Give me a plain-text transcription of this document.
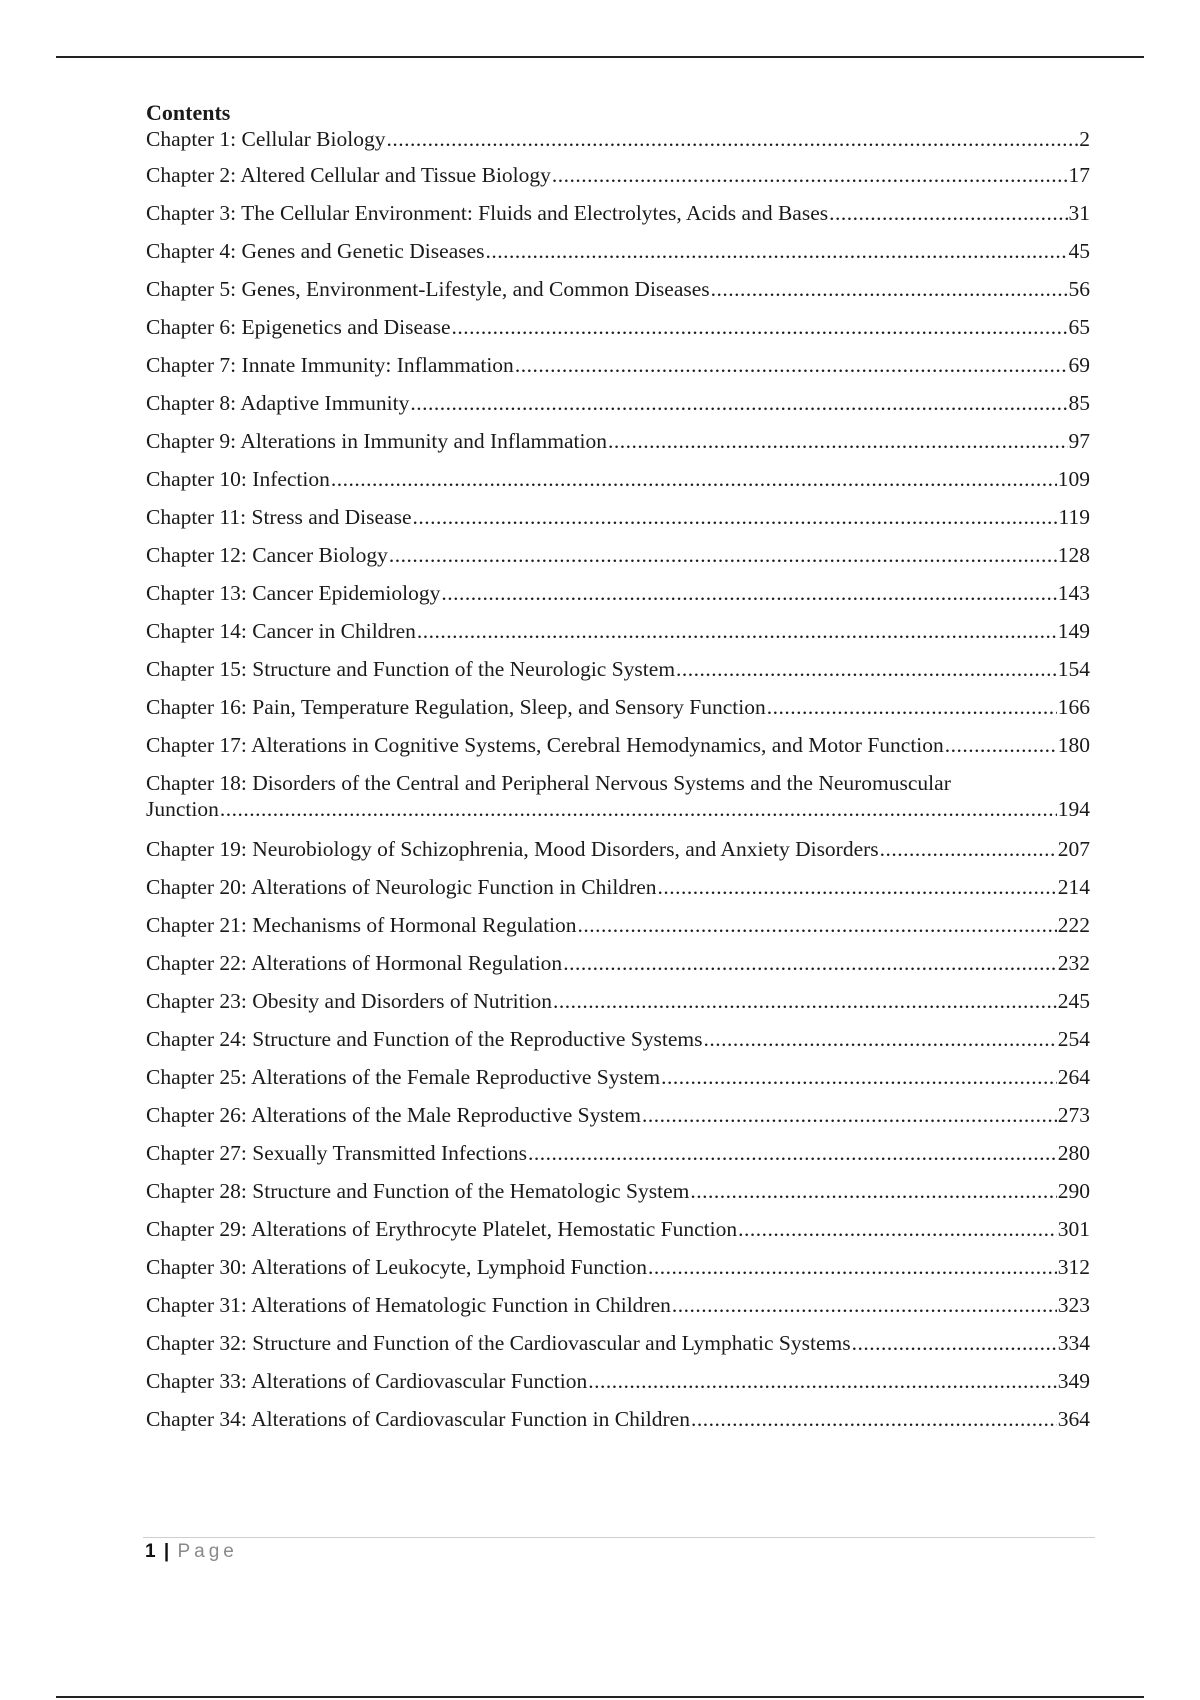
Contents
Chapter 1: Cellular Biology .....	2
Chapter 2: Altered Cellular and Tissue Biology .....	17
Chapter 3: The Cellular Environment: Fluids and Electrolytes, Acids and Bases .....	31
Chapter 4: Genes and Genetic Diseases .....	45
Chapter 5: Genes, Environment-Lifestyle, and Common Diseases .....	56
Chapter 6: Epigenetics and Disease .....	65
Chapter 7: Innate Immunity: Inflammation .....	69
Chapter 8: Adaptive Immunity .....	85
Chapter 9: Alterations in Immunity and Inflammation .....	97
Chapter 10: Infection .....	109
Chapter 11: Stress and Disease .....	119
Chapter 12: Cancer Biology .....	128
Chapter 13: Cancer Epidemiology .....	143
Chapter 14: Cancer in Children .....	149
Chapter 15: Structure and Function of the Neurologic System .....	154
Chapter 16: Pain, Temperature Regulation, Sleep, and Sensory Function .....	166
Chapter 17: Alterations in Cognitive Systems, Cerebral Hemodynamics, and Motor Function .....	180
Chapter 18: Disorders of the Central and Peripheral Nervous Systems and the Neuromuscular
Junction .....	194
Chapter 19: Neurobiology of Schizophrenia, Mood Disorders, and Anxiety Disorders .....	207
Chapter 20: Alterations of Neurologic Function in Children .....	214
Chapter 21: Mechanisms of Hormonal Regulation .....	222
Chapter 22: Alterations of Hormonal Regulation .....	232
Chapter 23: Obesity and Disorders of Nutrition .....	245
Chapter 24: Structure and Function of the Reproductive Systems .....	254
Chapter 25: Alterations of the Female Reproductive System .....	264
Chapter 26: Alterations of the Male Reproductive System .....	273
Chapter 27: Sexually Transmitted Infections .....	280
Chapter 28: Structure and Function of the Hematologic System .....	290
Chapter 29: Alterations of Erythrocyte Platelet, Hemostatic Function .....	301
Chapter 30: Alterations of Leukocyte, Lymphoid Function .....	312
Chapter 31: Alterations of Hematologic Function in Children .....	323
Chapter 32: Structure and Function of the Cardiovascular and Lymphatic Systems .....	334
Chapter 33: Alterations of Cardiovascular Function .....	349
Chapter 34: Alterations of Cardiovascular Function in Children .....	364
1 | Page
